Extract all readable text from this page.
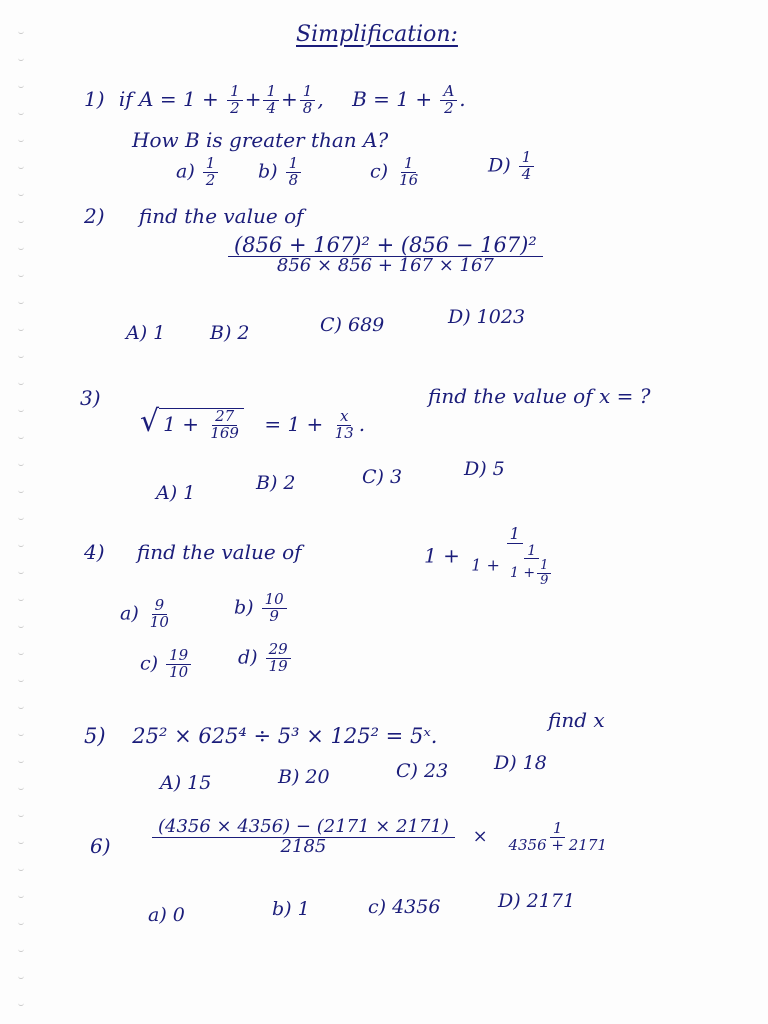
Simplification:
1) if $A = 1 + \frac{1}{2} + \frac{1}{4} + \frac{1}{8}$ , $B = 1 + \frac{A}{2}$ .
How B is greater than A?
$a) \frac{1}{2} b) \frac{1}{8}$	$c) \frac{1}{16}$	$D) \frac{1}{4}$
2) find the value of
$\frac{\text{(856 + 167)² + (856 − 167)²}}{856 \times 856 + 167 \times 167}$
A) 1 B) 2	C) 689	D) 1023
3)
√ $1 + \frac{27}{169} = 1 + \frac{x}{13}$ .
find the value of x = ?
A) 1	B) 2	C) 3	D) 5
4) find the value of	$1 + \frac{1}{1 + \frac{1}{1 + \frac{1}{9}}}$
$a) \frac{9}{10}$	$b) \frac{10}{9}$
$c) \frac{19}{10} d) \frac{29}{19}$
5) 25² × 625⁴ ÷ 5³ × 125² = 5ˣ.
find x
A) 15	B) 20	C) 23 D) 18
$6) \frac{(4356 \times 4356) - (2171 \times 2171)}{2185} \times \frac{1}{4356 + 2171}$
a) 0	b) 1	c) 4356	D) 2171
